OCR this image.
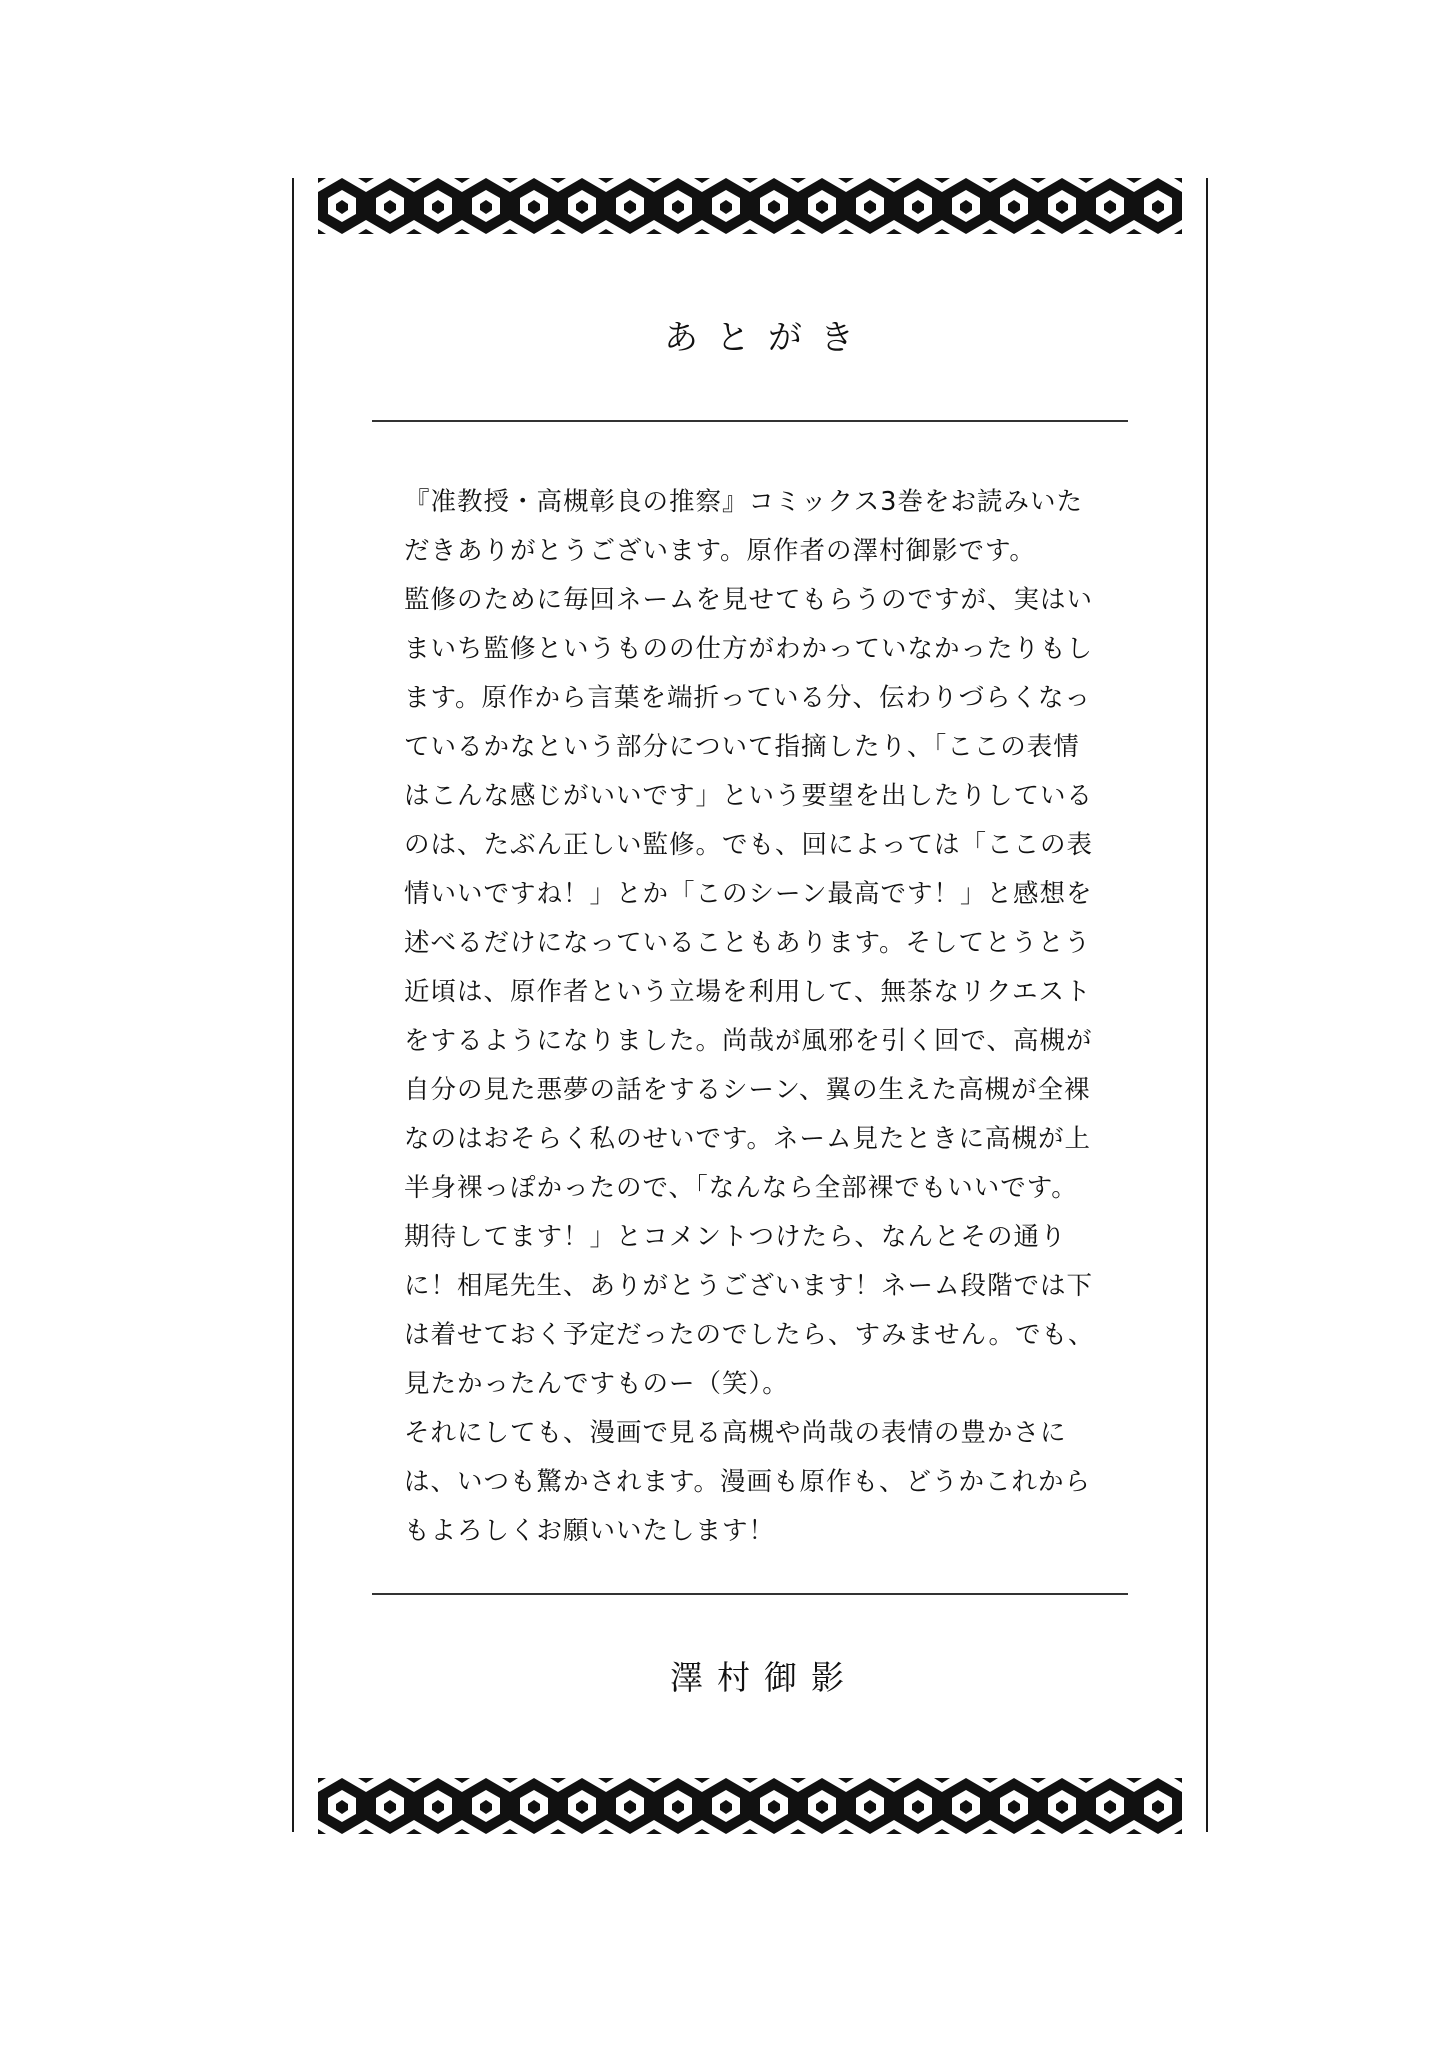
あとがき

『准教授・高槻彰良の推察』コミックス3巻をお読みいただきありがとうございます。原作者の澤村御影です。

監修のために毎回ネームを見せてもらうのですが、実はいまいち監修というものの仕方がわかっていなかったりもします。原作から言葉を端折っている分、伝わりづらくなっているかなという部分について指摘したり、「ここの表情はこんな感じがいいです」という要望を出したりしているのは、たぶん正しい監修。でも、回によっては「ここの表情いいですね！」とか「このシーン最高です！」と感想を述べるだけになっていることもあります。そしてとうとう近頃は、原作者という立場を利用して、無茶なリクエストをするようになりました。尚哉が風邪を引く回で、高槻が自分の見た悪夢の話をするシーン、翼の生えた高槻が全裸なのはおそらく私のせいです。ネーム見たときに高槻が上半身裸っぽかったので、「なんなら全部裸でもいいです。期待してます！」とコメントつけたら、なんとその通りに！相尾先生、ありがとうございます！ネーム段階では下は着せておく予定だったのでしたら、すみません。でも、見たかったんですものー（笑）。

それにしても、漫画で見る高槻や尚哉の表情の豊かさには、いつも驚かされます。漫画も原作も、どうかこれからもよろしくお願いいたします！

澤村御影
